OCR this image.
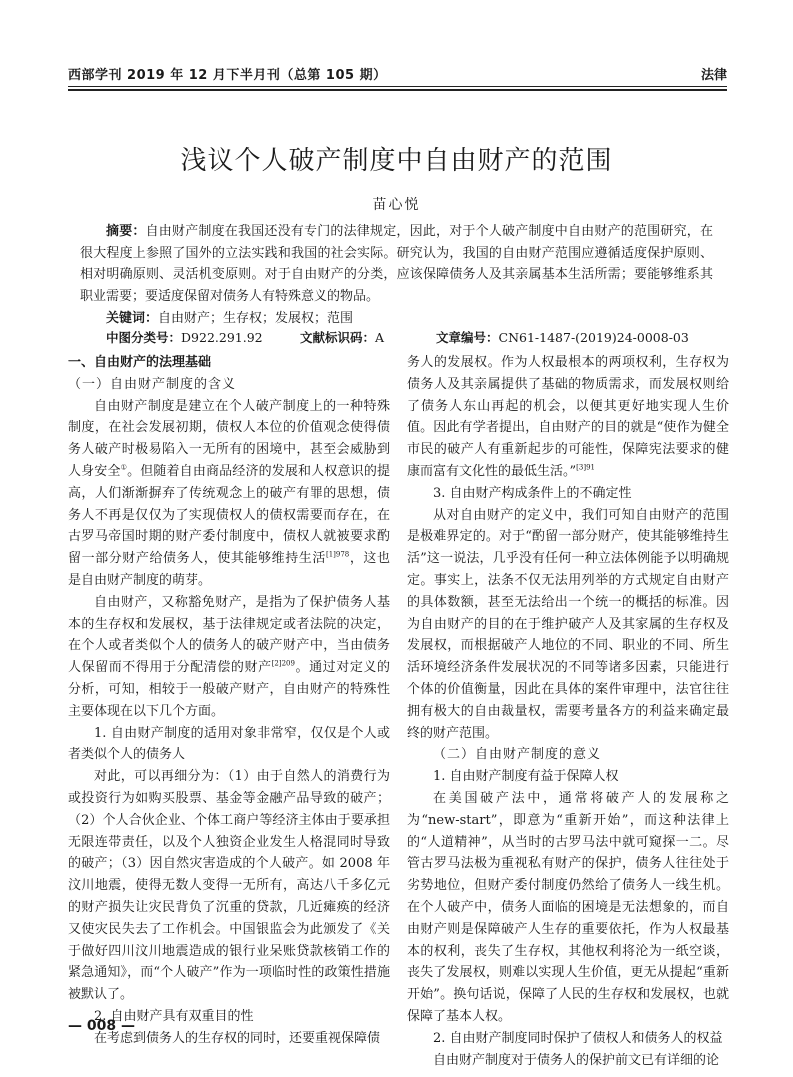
西部学刊 2019 年 12 月下半月刊（总第 105 期）	法律
浅议个人破产制度中自由财产的范围
苗心悦
摘要：自由财产制度在我国还没有专门的法律规定，因此，对于个人破产制度中自由财产的范围研究，在很大程度上参照了国外的立法实践和我国的社会实际。研究认为，我国的自由财产范围应遵循适度保护原则、相对明确原则、灵活机变原则。对于自由财产的分类，应该保障债务人及其亲属基本生活所需；要能够维系其职业需要；要适度保留对债务人有特殊意义的物品。
关键词：自由财产；生存权；发展权；范围
中图分类号：D922.291.92	文献标识码：A	文章编号：CN61-1487-(2019)24-0008-03

一、自由财产的法理基础

（一）自由财产制度的含义

自由财产制度是建立在个人破产制度上的一种特殊制度，在社会发展初期，债权人本位的价值观念使得债务人破产时极易陷入一无所有的困境中，甚至会威胁到人身安全①。但随着自由商品经济的发展和人权意识的提高，人们渐渐摒弃了传统观念上的破产有罪的思想，债务人不再是仅仅为了实现债权人的债权需要而存在，在古罗马帝国时期的财产委付制度中，债权人就被要求酌留一部分财产给债务人，使其能够维持生活$^{[1]978}$，这也是自由财产制度的萌芽。

自由财产，又称豁免财产，是指为了保护债务人基本的生存权和发展权，基于法律规定或者法院的决定，在个人或者类似个人的债务人的破产财产中，当由债务人保留而不得用于分配清偿的财产$^{[2]209}$。通过对定义的分析，可知，相较于一般破产财产，自由财产的特殊性主要体现在以下几个方面。

1. 自由财产制度的适用对象非常窄，仅仅是个人或者类似个人的债务人

对此，可以再细分为：（1）由于自然人的消费行为或投资行为如购买股票、基金等金融产品导致的破产；（2）个人合伙企业、个体工商户等经济主体由于要承担无限连带责任，以及个人独资企业发生人格混同时导致的破产；（3）因自然灾害造成的个人破产。如 2008 年汶川地震，使得无数人变得一无所有，高达八千多亿元的财产损失让灾民背负了沉重的贷款，几近瘫痪的经济又使灾民失去了工作机会。中国银监会为此颁发了《关于做好四川汶川地震造成的银行业呆账贷款核销工作的紧急通知》，而“个人破产”作为一项临时性的政策性措施被默认了。

2. 自由财产具有双重目的性

在考虑到债务人的生存权的同时，还要重视保障债

务人的发展权。作为人权最根本的两项权利，生存权为债务人及其亲属提供了基础的物质需求，而发展权则给了债务人东山再起的机会，以便其更好地实现人生价值。因此有学者提出，自由财产的目的就是“使作为健全市民的破产人有重新起步的可能性，保障宪法要求的健康而富有文化性的最低生活。”$^{[3]91}$

3. 自由财产构成条件上的不确定性

从对自由财产的定义中，我们可知自由财产的范围是极难界定的。对于“酌留一部分财产，使其能够维持生活”这一说法，几乎没有任何一种立法体例能予以明确规定。事实上，法条不仅无法用列举的方式规定自由财产的具体数额，甚至无法给出一个统一的概括的标准。因为自由财产的目的在于维护破产人及其家属的生存权及发展权，而根据破产人地位的不同、职业的不同、所生活环境经济条件发展状况的不同等诸多因素，只能进行个体的价值衡量，因此在具体的案件审理中，法官往往拥有极大的自由裁量权，需要考量各方的利益来确定最终的财产范围。

（二）自由财产制度的意义

1. 自由财产制度有益于保障人权

在美国破产法中，通常将破产人的发展称之为“new-start”，即意为“重新开始”，而这种法律上的“人道精神”，从当时的古罗马法中就可窥探一二。尽管古罗马法极为重视私有财产的保护，债务人往往处于劣势地位，但财产委付制度仍然给了债务人一线生机。在个人破产中，债务人面临的困境是无法想象的，而自由财产则是保障破产人生存的重要依托，作为人权最基本的权利，丧失了生存权，其他权利将沦为一纸空谈，丧失了发展权，则难以实现人生价值，更无从提起“重新开始”。换句话说，保障了人民的生存权和发展权，也就保障了基本人权。

2. 自由财产制度同时保护了债权人和债务人的权益

自由财产制度对于债务人的保护前文已有详细的论

— 008 —
